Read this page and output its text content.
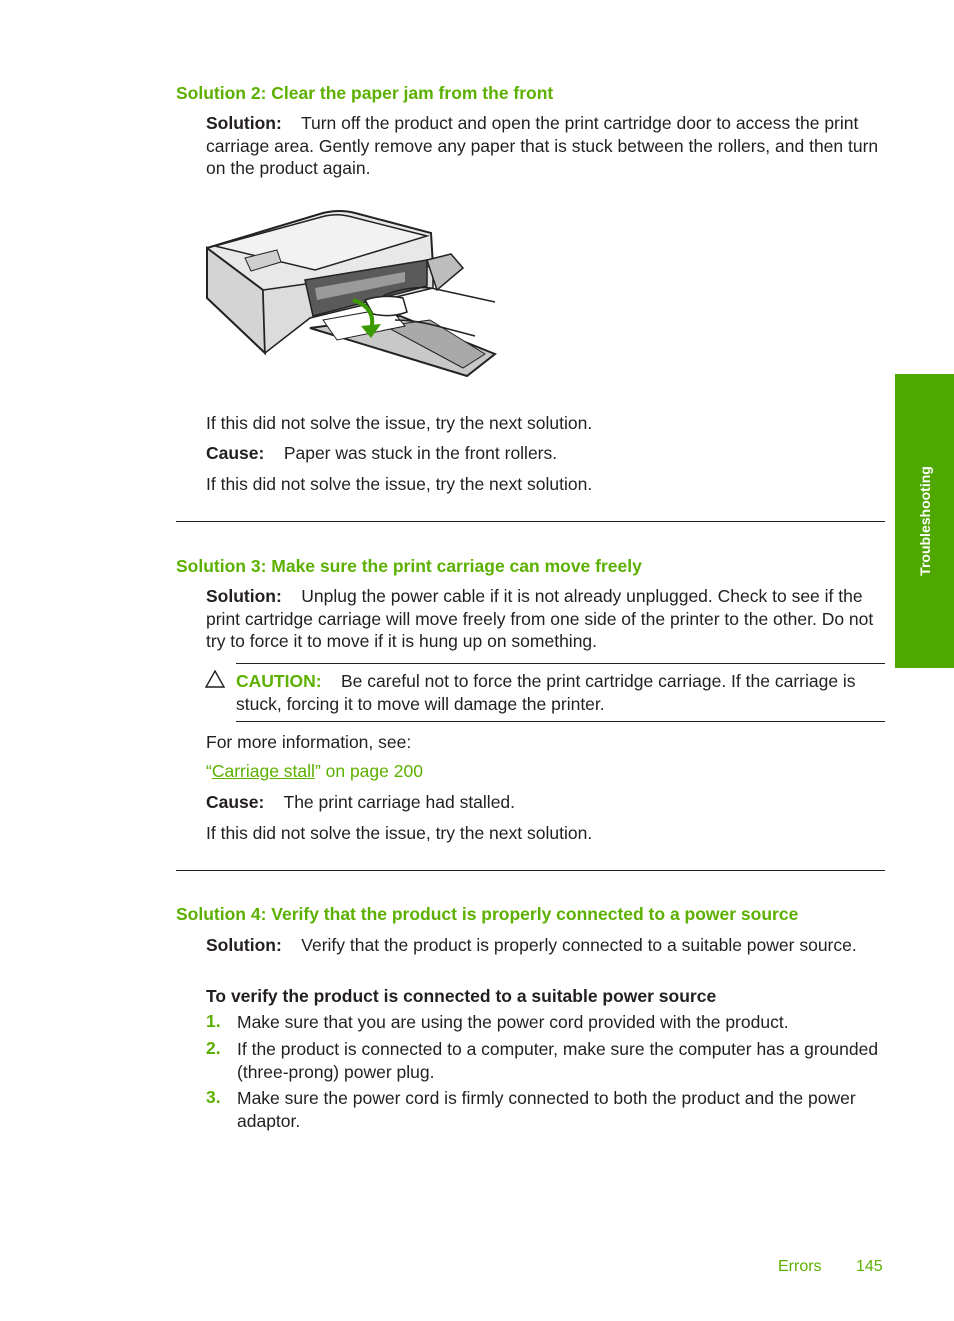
Troubleshooting
Solution 2: Clear the paper jam from the front
Solution: Turn off the product and open the print cartridge door to access the print carriage area. Gently remove any paper that is stuck between the rollers, and then turn on the product again.
If this did not solve the issue, try the next solution.
Cause: Paper was stuck in the front rollers.
If this did not solve the issue, try the next solution.
Solution 3: Make sure the print carriage can move freely
Solution: Unplug the power cable if it is not already unplugged. Check to see if the print cartridge carriage will move freely from one side of the printer to the other. Do not try to force it to move if it is hung up on something.
CAUTION: Be careful not to force the print cartridge carriage. If the carriage is stuck, forcing it to move will damage the printer.
For more information, see:
“Carriage stall” on page 200
Cause: The print carriage had stalled.
If this did not solve the issue, try the next solution.
Solution 4: Verify that the product is properly connected to a power source
Solution: Verify that the product is properly connected to a suitable power source.
To verify the product is connected to a suitable power source
1. Make sure that you are using the power cord provided with the product.
2. If the product is connected to a computer, make sure the computer has a grounded (three-prong) power plug.
3. Make sure the power cord is firmly connected to both the product and the power adaptor.
Errors 145
